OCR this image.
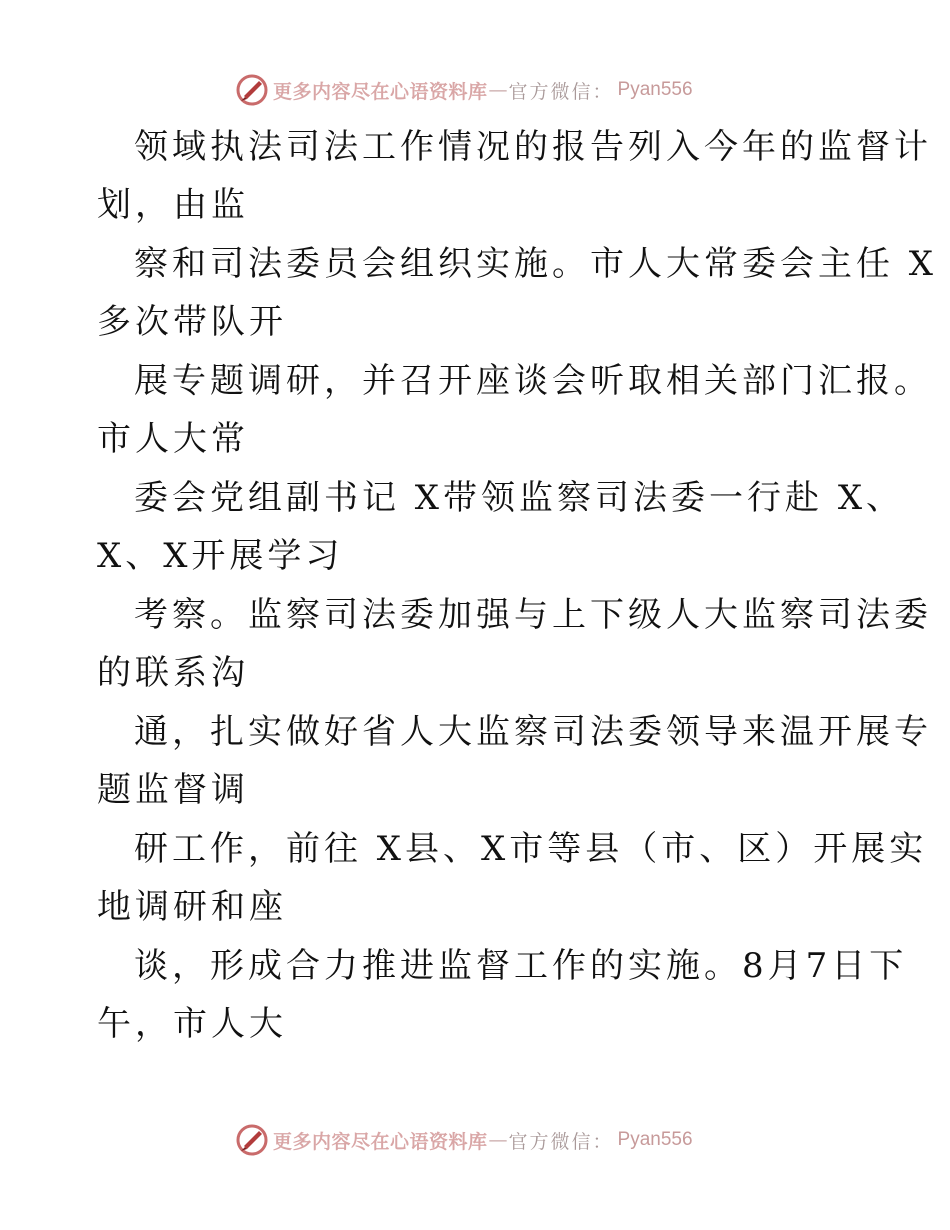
更多内容尽在心语资料库 — 官方微信： Pyan556
领域执法司法工作情况的报告列入今年的监督计
划，由监
察和司法委员会组织实施。市人大常委会主任 X
多次带队开
展专题调研，并召开座谈会听取相关部门汇报。
市人大常
委会党组副书记 X带领监察司法委一行赴 X、
X、X开展学习
考察。监察司法委加强与上下级人大监察司法委
的联系沟
通，扎实做好省人大监察司法委领导来温开展专
题监督调
研工作，前往 X县、X市等县（市、区）开展实
地调研和座
谈，形成合力推进监督工作的实施。8月7日下
午，市人大
更多内容尽在心语资料库 — 官方微信： Pyan556
